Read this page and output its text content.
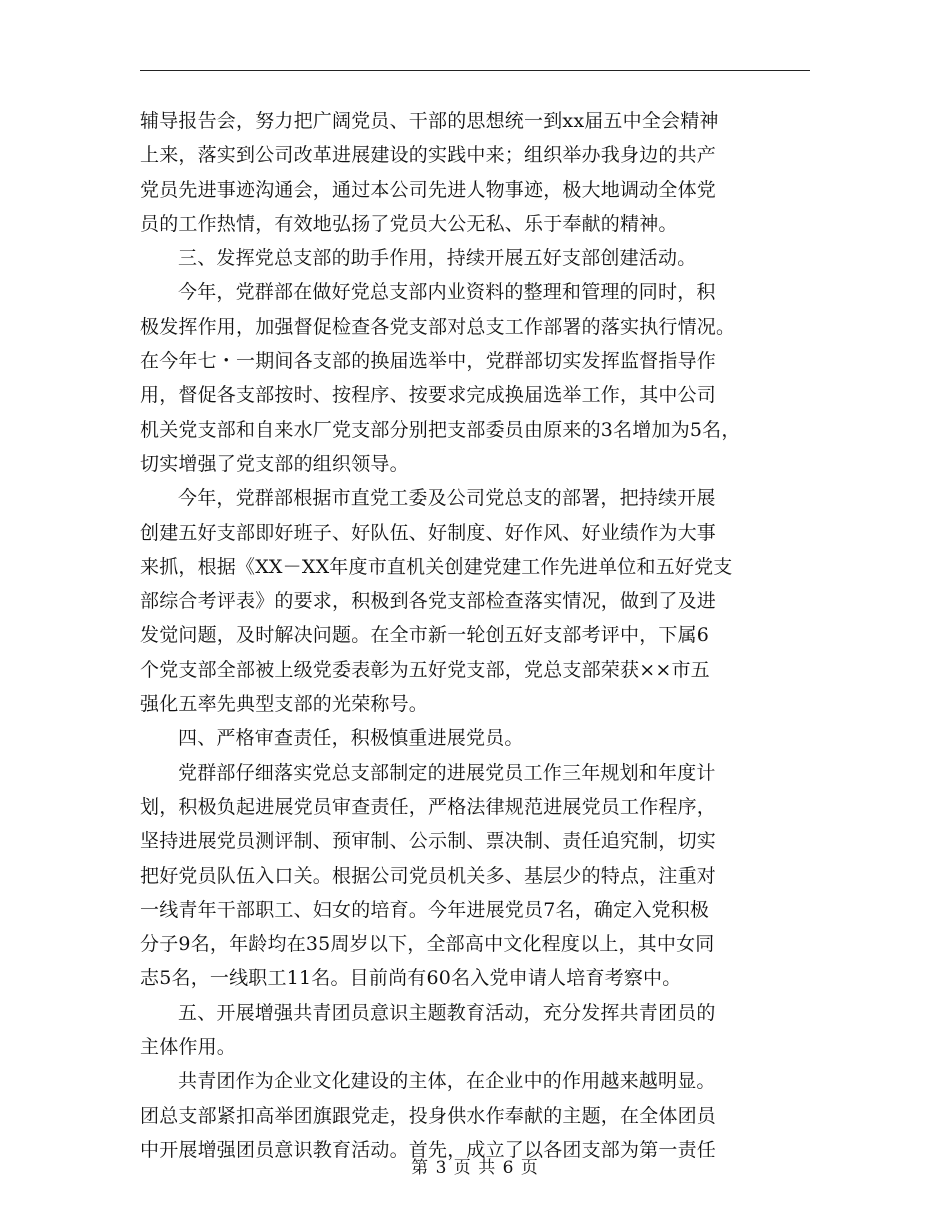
辅导报告会，努力把广阔党员、干部的思想统一到xx届五中全会精神
上来，落实到公司改革进展建设的实践中来；组织举办我身边的共产
党员先进事迹沟通会，通过本公司先进人物事迹，极大地调动全体党
员的工作热情，有效地弘扬了党员大公无私、乐于奉献的精神。
三、发挥党总支部的助手作用，持续开展五好支部创建活动。
今年，党群部在做好党总支部内业资料的整理和管理的同时，积
极发挥作用，加强督促检查各党支部对总支工作部署的落实执行情况。
在今年七・一期间各支部的换届选举中，党群部切实发挥监督指导作
用，督促各支部按时、按程序、按要求完成换届选举工作，其中公司
机关党支部和自来水厂党支部分别把支部委员由原来的3名增加为5名，
切实增强了党支部的组织领导。
今年，党群部根据市直党工委及公司党总支的部署，把持续开展
创建五好支部即好班子、好队伍、好制度、好作风、好业绩作为大事
来抓，根据《XX－XX年度市直机关创建党建工作先进单位和五好党支
部综合考评表》的要求，积极到各党支部检查落实情况，做到了及进
发觉问题，及时解决问题。在全市新一轮创五好支部考评中，下属6
个党支部全部被上级党委表彰为五好党支部，党总支部荣获××市五
强化五率先典型支部的光荣称号。
四、严格审查责任，积极慎重进展党员。
党群部仔细落实党总支部制定的进展党员工作三年规划和年度计
划，积极负起进展党员审查责任，严格法律规范进展党员工作程序，
坚持进展党员测评制、预审制、公示制、票决制、责任追究制，切实
把好党员队伍入口关。根据公司党员机关多、基层少的特点，注重对
一线青年干部职工、妇女的培育。今年进展党员7名，确定入党积极
分子9名，年龄均在35周岁以下，全部高中文化程度以上，其中女同
志5名，一线职工11名。目前尚有60名入党申请人培育考察中。
五、开展增强共青团员意识主题教育活动，充分发挥共青团员的
主体作用。
共青团作为企业文化建设的主体，在企业中的作用越来越明显。
团总支部紧扣高举团旗跟党走，投身供水作奉献的主题，在全体团员
中开展增强团员意识教育活动。首先，成立了以各团支部为第一责任
第 3 页 共 6 页
